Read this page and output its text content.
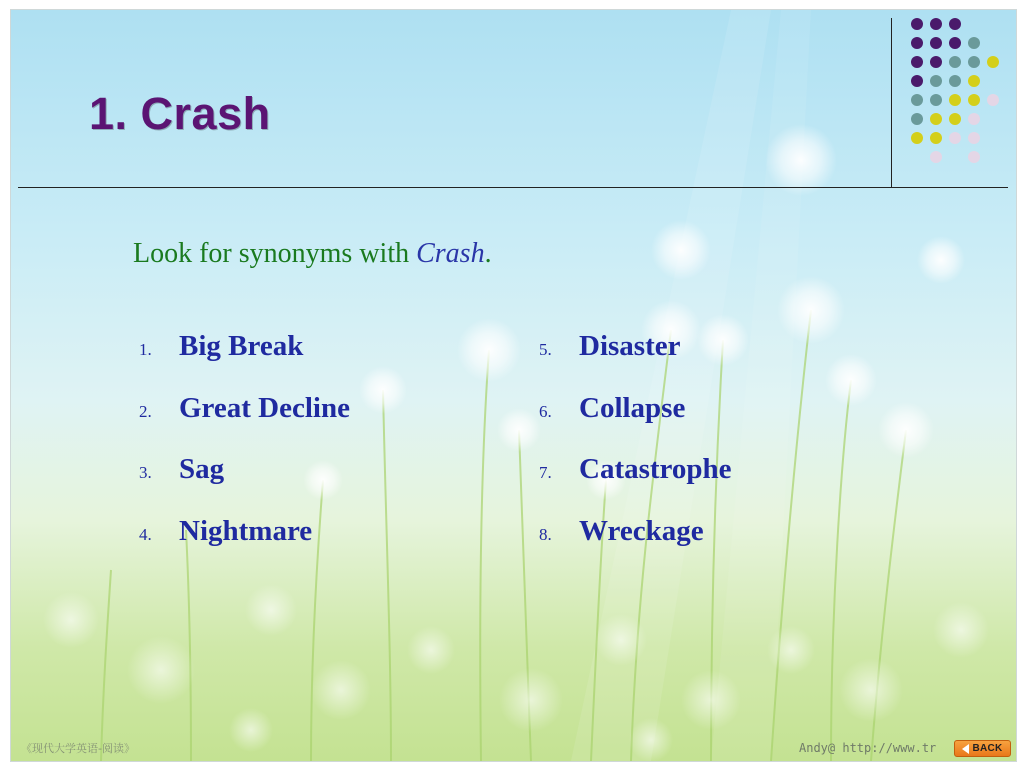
1. Crash

Look for synonyms with Crash.

1. Big Break
2. Great Decline
3. Sag
4. Nightmare
5. Disaster
6. Collapse
7. Catastrophe
8. Wreckage
《现代大学英语-阅读》	Andy@ http://www.tr	BACK
